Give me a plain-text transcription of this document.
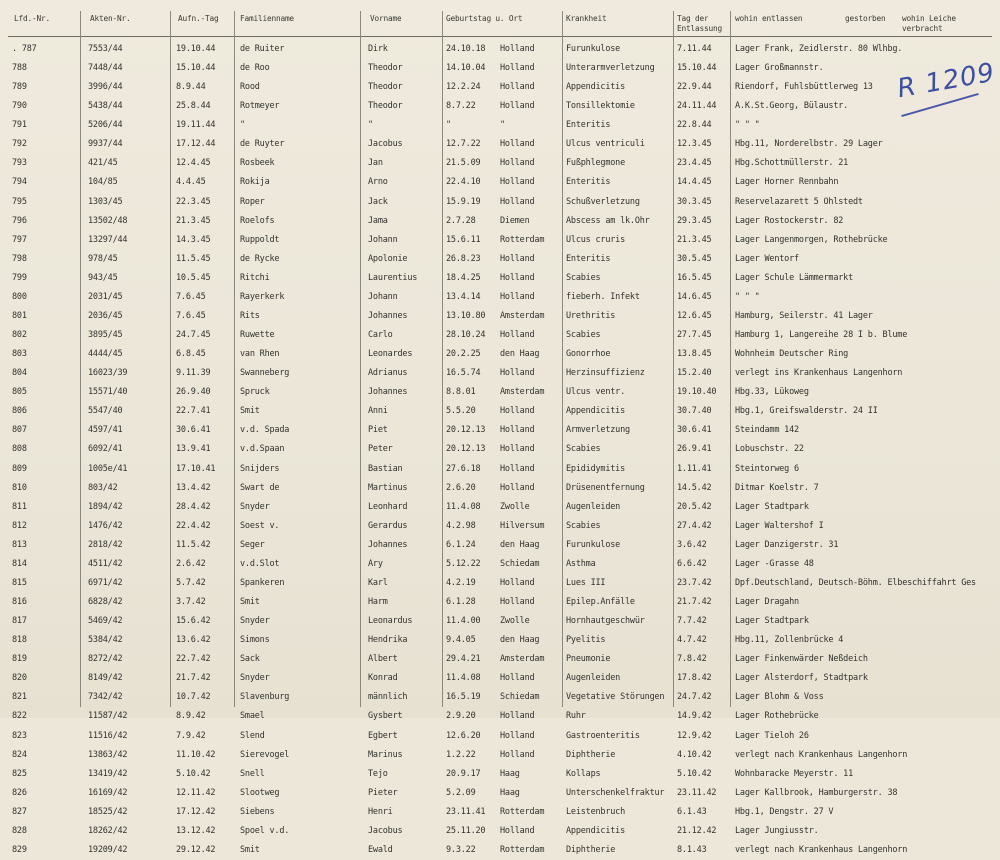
Lfd.-Nr.	Akten-Nr.	Aufn.-Tag	Familienname	Vorname	Geburtstag u. Ort	Krankheit	Tag der
Entlassung
wohin entlassen	gestorben wohin Leiche
verbracht
. 787	7553/44	19.10.44	de Ruiter	Dirk	24.10.18	Holland	Furunkulose	7.11.44	Lager Frank, Zeidlerstr. 80 Wlhbg.
788	7448/44	15.10.44	de Roo	Theodor	14.10.04	Holland	Unterarmverletzung	15.10.44	Lager Großmannstr.
789	3996/44	8.9.44	Rood	Theodor	12.2.24	Holland	Appendicitis	22.9.44	Riendorf, Fuhlsbüttlerweg 13
790	5438/44	25.8.44	Rotmeyer	Theodor	8.7.22	Holland	Tonsillektomie	24.11.44	A.K.St.Georg, Bülaustr.
791	5206/44	19.11.44	"	"	"	"	Enteritis	22.8.44	" " "
792	9937/44	17.12.44	de Ruyter	Jacobus	12.7.22	Holland	Ulcus ventriculi	12.3.45	Hbg.11, Norderelbstr. 29 Lager
793	421/45	12.4.45	Rosbeek	Jan	21.5.09	Holland	Fußphlegmone	23.4.45	Hbg.Schottmüllerstr. 21
794	104/85	4.4.45	Rokija	Arno	22.4.10	Holland	Enteritis	14.4.45	Lager Horner Rennbahn
795	1303/45	22.3.45	Roper	Jack	15.9.19	Holland	Schußverletzung	30.3.45	Reservelazarett 5 Ohlstedt
796	13502/48	21.3.45	Roelofs	Jama	2.7.28	Diemen	Abscess am lk.Ohr	29.3.45	Lager Rostockerstr. 82
797	13297/44	14.3.45	Ruppoldt	Johann	15.6.11	Rotterdam	Ulcus cruris	21.3.45	Lager Langenmorgen, Rothebrücke
798	978/45	11.5.45	de Rycke	Apolonie	26.8.23	Holland	Enteritis	30.5.45	Lager Wentorf
799	943/45	10.5.45	Ritchi	Laurentius	18.4.25	Holland	Scabies	16.5.45	Lager Schule Lämmermarkt
800	2031/45	7.6.45	Rayerkerk	Johann	13.4.14	Holland	fieberh. Infekt	14.6.45	" " "
801	2036/45	7.6.45	Rits	Johannes	13.10.80	Amsterdam	Urethritis	12.6.45	Hamburg, Seilerstr. 41 Lager
802	3895/45	24.7.45	Ruwette	Carlo	28.10.24	Holland	Scabies	27.7.45	Hamburg 1, Langereihe 28 I b. Blume
803	4444/45	6.8.45	van Rhen	Leonardes	20.2.25	den Haag	Gonorrhoe	13.8.45	Wohnheim Deutscher Ring
804	16023/39	9.11.39	Swanneberg	Adrianus	16.5.74	Holland	Herzinsuffizienz	15.2.40	verlegt ins Krankenhaus Langenhorn
805	15571/40	26.9.40	Spruck	Johannes	8.8.01	Amsterdam	Ulcus ventr.	19.10.40	Hbg.33, Lükoweg
806	5547/40	22.7.41	Smit	Anni	5.5.20	Holland	Appendicitis	30.7.40	Hbg.1, Greifswalderstr. 24 II
807	4597/41	30.6.41	v.d. Spada	Piet	20.12.13	Holland	Armverletzung	30.6.41	Steindamm 142
808	6092/41	13.9.41	v.d.Spaan	Peter	20.12.13	Holland	Scabies	26.9.41	Lobuschstr. 22
809	1005e/41	17.10.41	Snijders	Bastian	27.6.18	Holland	Epididymitis	1.11.41	Steintorweg 6
810	803/42	13.4.42	Swart de	Martinus	2.6.20	Holland	Drüsenentfernung	14.5.42	Ditmar Koelstr. 7
811	1894/42	28.4.42	Snyder	Leonhard	11.4.08	Zwolle	Augenleiden	20.5.42	Lager Stadtpark
812	1476/42	22.4.42	Soest v.	Gerardus	4.2.98	Hilversum	Scabies	27.4.42	Lager Waltershof I
813	2818/42	11.5.42	Seger	Johannes	6.1.24	den Haag	Furunkulose	3.6.42	Lager Danzigerstr. 31
814	4511/42	2.6.42	v.d.Slot	Ary	5.12.22	Schiedam	Asthma	6.6.42	Lager -Grasse 48
815	6971/42	5.7.42	Spankeren	Karl	4.2.19	Holland	Lues III	23.7.42	Dpf.Deutschland, Deutsch-Böhm. Elbeschiffahrt Ges
816	6828/42	3.7.42	Smit	Harm	6.1.28	Holland	Epilep.Anfälle	21.7.42	Lager Dragahn
817	5469/42	15.6.42	Snyder	Leonardus	11.4.00	Zwolle	Hornhautgeschwür	7.7.42	Lager Stadtpark
818	5384/42	13.6.42	Simons	Hendrika	9.4.05	den Haag	Pyelitis	4.7.42	Hbg.11, Zollenbrücke 4
819	8272/42	22.7.42	Sack	Albert	29.4.21	Amsterdam	Pneumonie	7.8.42	Lager Finkenwärder Neßdeich
820	8149/42	21.7.42	Snyder	Konrad	11.4.08	Holland	Augenleiden	17.8.42	Lager Alsterdorf, Stadtpark
821	7342/42	10.7.42	Slavenburg	männlich	16.5.19	Schiedam	Vegetative Störungen	24.7.42	Lager Blohm & Voss
822	11587/42	8.9.42	Smael	Gysbert	2.9.20	Holland	Ruhr	14.9.42	Lager Rothebrücke
823	11516/42	7.9.42	Slend	Egbert	12.6.20	Holland	Gastroenteritis	12.9.42	Lager Tieloh 26
824	13863/42	11.10.42	Sierevogel	Marinus	1.2.22	Holland	Diphtherie	4.10.42	verlegt nach Krankenhaus Langenhorn
825	13419/42	5.10.42	Snell	Tejo	20.9.17	Haag	Kollaps	5.10.42	Wohnbaracke Meyerstr. 11
826	16169/42	12.11.42	Slootweg	Pieter	5.2.09	Haag	Unterschenkelfraktur	23.11.42	Lager Kallbrook, Hamburgerstr. 38
827	18525/42	17.12.42	Siebens	Henri	23.11.41	Rotterdam	Leistenbruch	6.1.43	Hbg.1, Dengstr. 27 V
828	18262/42	13.12.42	Spoel v.d.	Jacobus	25.11.20	Holland	Appendicitis	21.12.42	Lager Jungiusstr.
829	19209/42	29.12.42	Smit	Ewald	9.3.22	Rotterdam	Diphtherie	8.1.43	verlegt nach Krankenhaus Langenhorn
R 1209
